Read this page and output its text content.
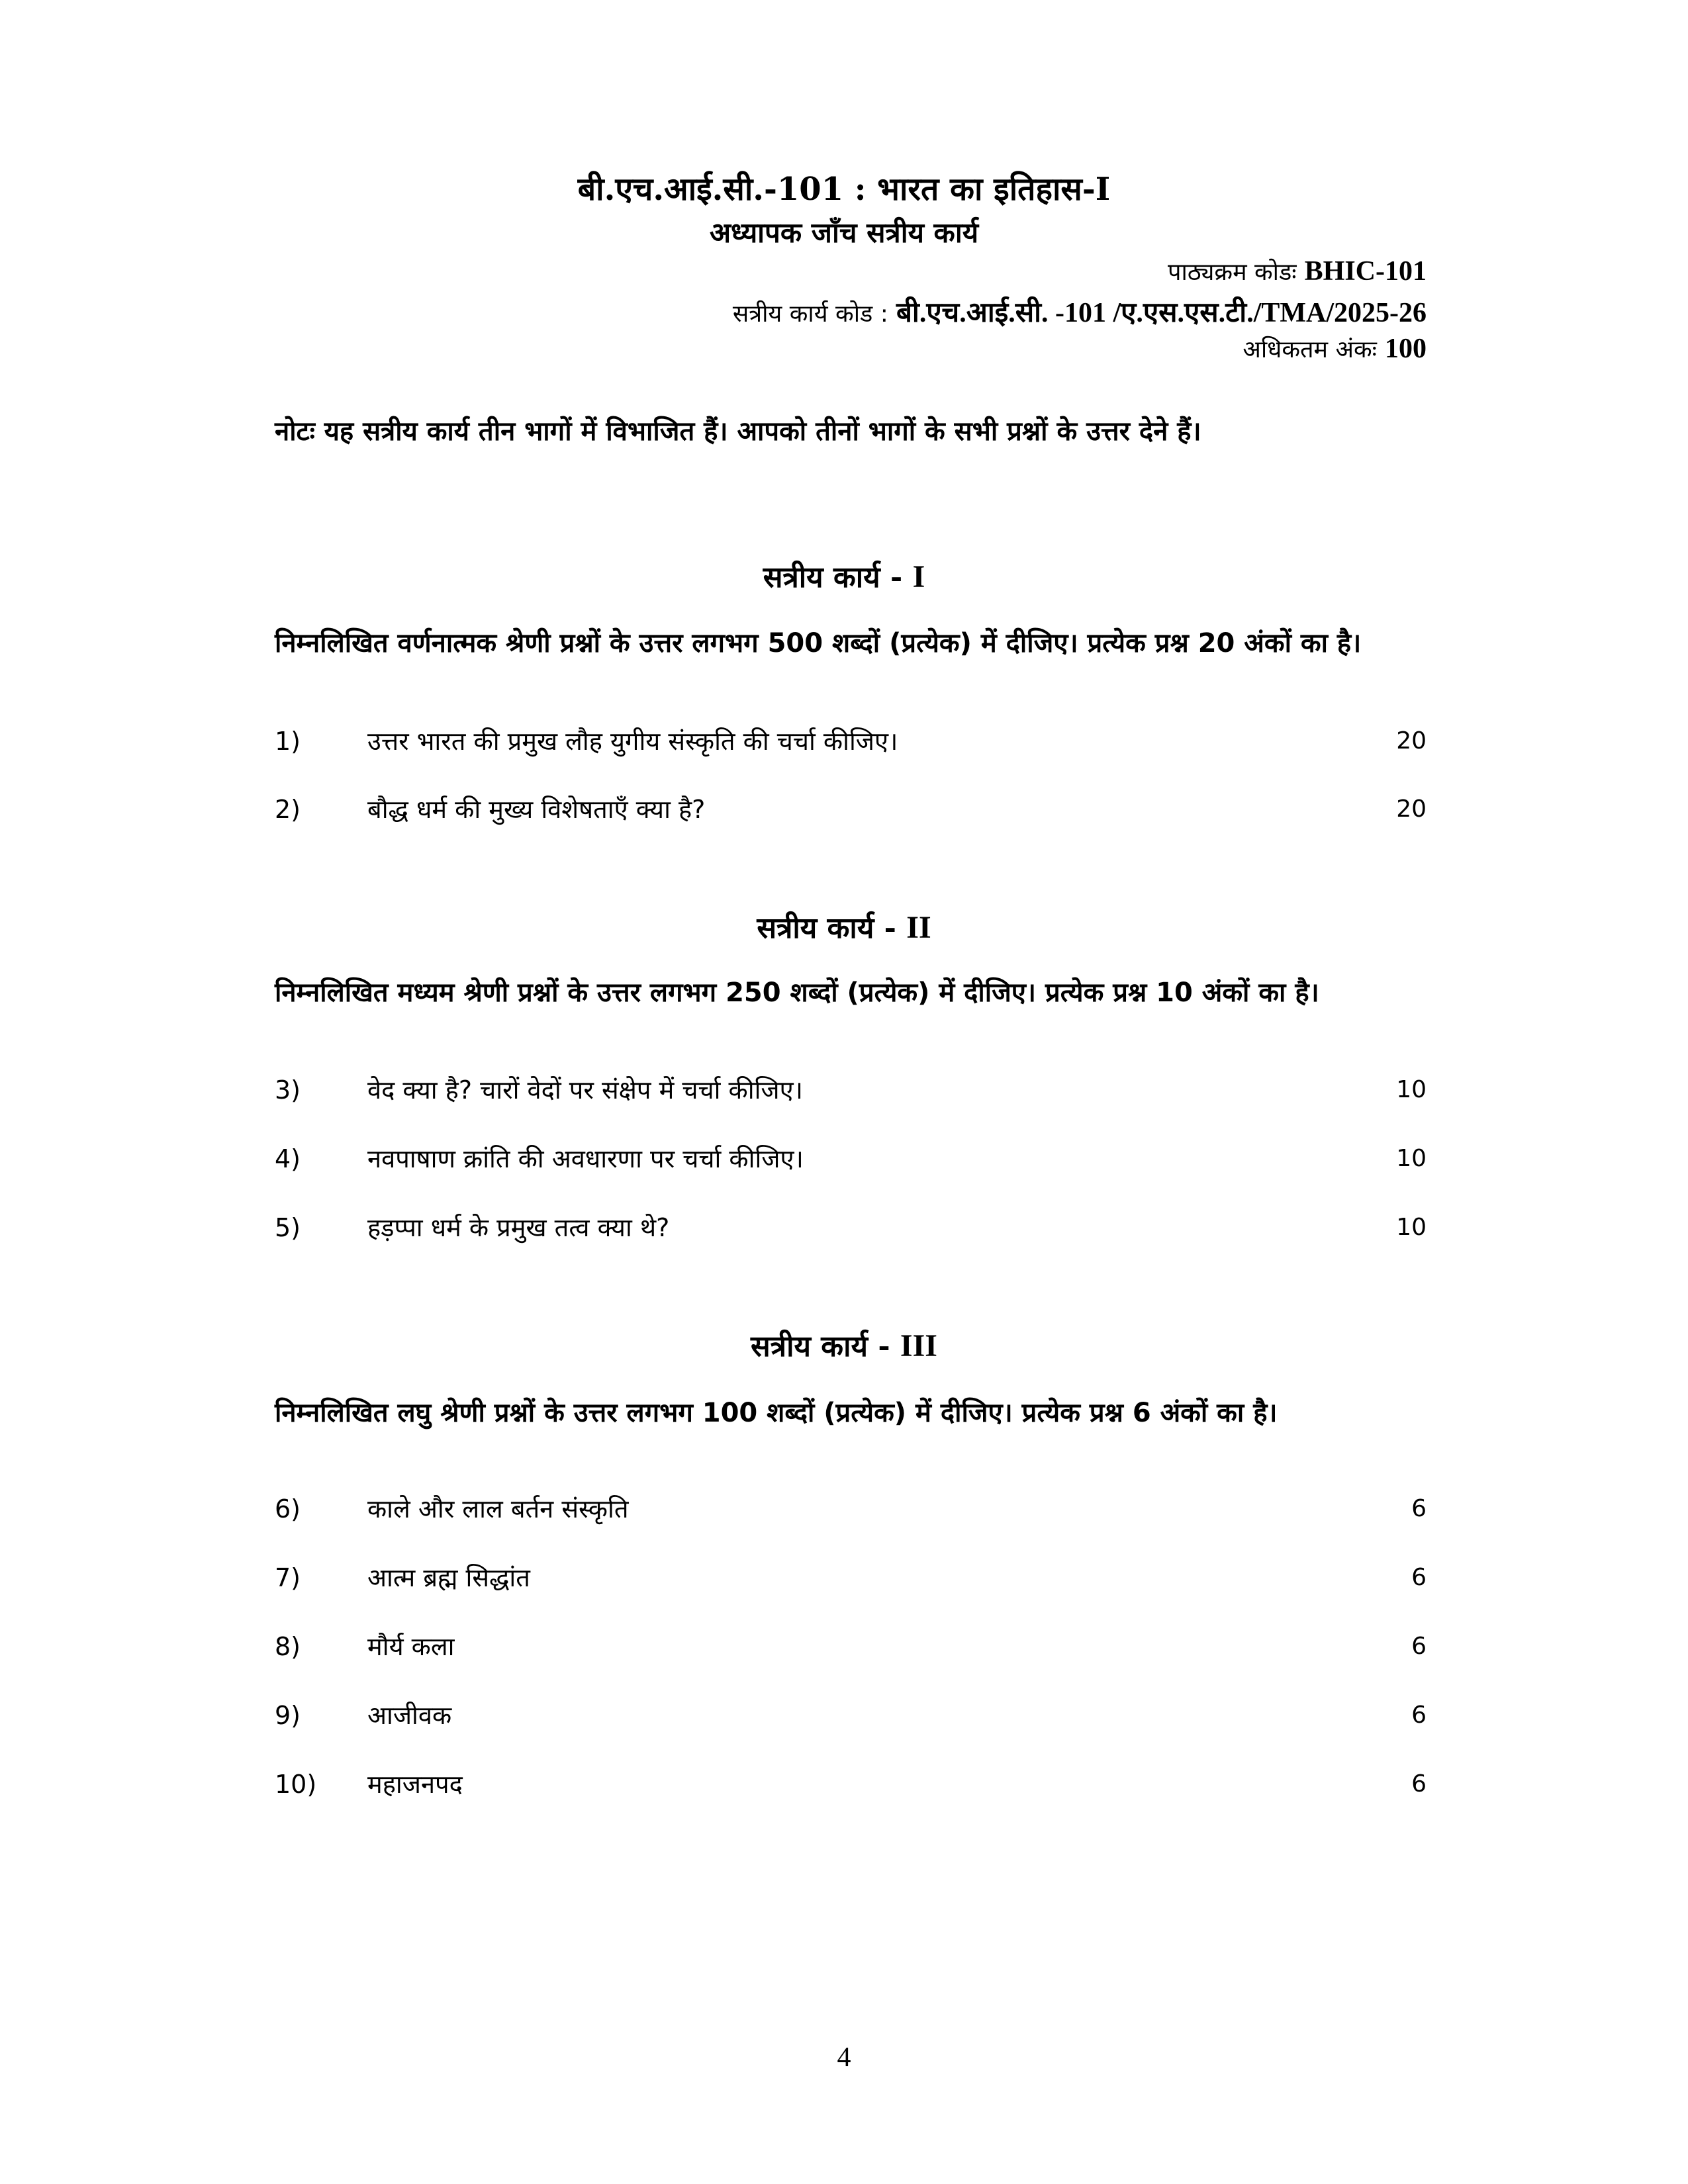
बी.एच.आई.सी.-101 : भारत का इतिहास-I
अध्यापक जाँच सत्रीय कार्य
पाठ्यक्रम कोडः BHIC-101
सत्रीय कार्य कोड : बी.एच.आई.सी. -101 /ए.एस.एस.टी./TMA/2025-26
अधिकतम अंकः 100
नोटः यह सत्रीय कार्य तीन भागों में विभाजित हैं। आपको तीनों भागों के सभी प्रश्नों के उत्तर देने हैं।
सत्रीय कार्य - I
निम्नलिखित वर्णनात्मक श्रेणी प्रश्नों के उत्तर लगभग 500 शब्दों (प्रत्येक) में दीजिए। प्रत्येक प्रश्न 20 अंकों का है।
1)	उत्तर भारत की प्रमुख लौह युगीय संस्कृति की चर्चा कीजिए।	20
2)	बौद्ध धर्म की मुख्य विशेषताएँ क्या है?	20
सत्रीय कार्य - II
निम्नलिखित मध्यम श्रेणी प्रश्नों के उत्तर लगभग 250 शब्दों (प्रत्येक) में दीजिए। प्रत्येक प्रश्न 10 अंकों का है।
3)	वेद क्या है? चारों वेदों पर संक्षेप में चर्चा कीजिए।	10
4)	नवपाषाण क्रांति की अवधारणा पर चर्चा कीजिए।	10
5)	हड़प्पा धर्म के प्रमुख तत्व क्या थे?	10
सत्रीय कार्य - III
निम्नलिखित लघु श्रेणी प्रश्नों के उत्तर लगभग 100 शब्दों (प्रत्येक) में दीजिए। प्रत्येक प्रश्न 6 अंकों का है।
6)	काले और लाल बर्तन संस्कृति	6
7)	आत्म ब्रह्म सिद्धांत	6
8)	मौर्य कला	6
9)	आजीवक	6
10) महाजनपद	6
4
